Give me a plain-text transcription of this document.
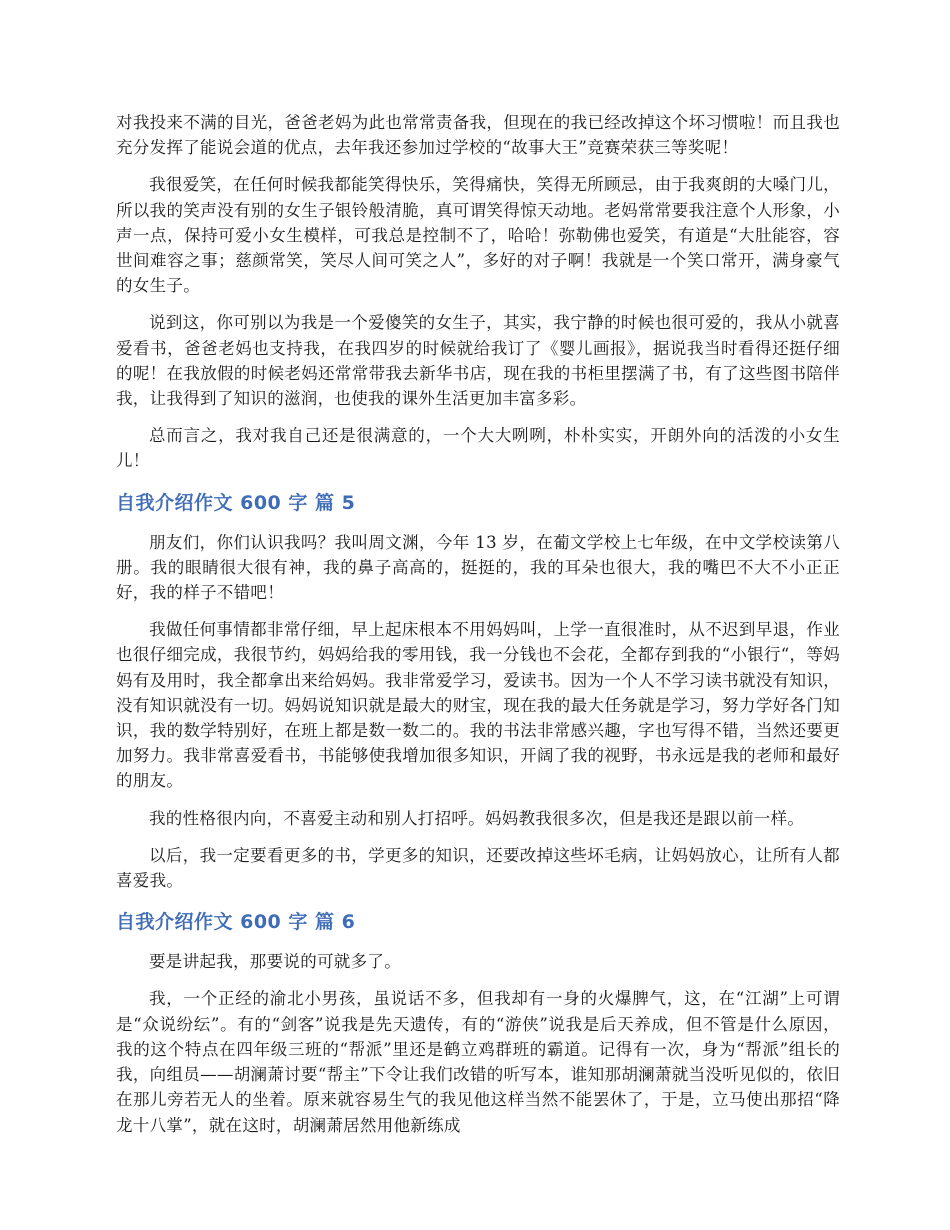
对我投来不满的目光，爸爸老妈为此也常常责备我，但现在的我已经改掉这个坏习惯啦！而且我也充分发挥了能说会道的优点，去年我还参加过学校的“故事大王”竞赛荣获三等奖呢！

我很爱笑，在任何时候我都能笑得快乐，笑得痛快，笑得无所顾忌，由于我爽朗的大嗓门儿，所以我的笑声没有别的女生子银铃般清脆，真可谓笑得惊天动地。老妈常常要我注意个人形象，小声一点，保持可爱小女生模样，可我总是控制不了，哈哈！弥勒佛也爱笑，有道是“大肚能容，容世间难容之事；慈颜常笑，笑尽人间可笑之人”，多好的对子啊！我就是一个笑口常开，满身豪气的女生子。

说到这，你可别以为我是一个爱傻笑的女生子，其实，我宁静的时候也很可爱的，我从小就喜爱看书，爸爸老妈也支持我，在我四岁的时候就给我订了《婴儿画报》，据说我当时看得还挺仔细的呢！在我放假的时候老妈还常常带我去新华书店，现在我的书柜里摆满了书，有了这些图书陪伴我，让我得到了知识的滋润，也使我的课外生活更加丰富多彩。

总而言之，我对我自己还是很满意的，一个大大咧咧，朴朴实实，开朗外向的活泼的小女生儿！

自我介绍作文 600 字 篇 5

朋友们，你们认识我吗？我叫周文渊，今年 13 岁，在葡文学校上七年级，在中文学校读第八册。我的眼睛很大很有神，我的鼻子高高的，挺挺的，我的耳朵也很大，我的嘴巴不大不小正正好，我的样子不错吧！

我做任何事情都非常仔细，早上起床根本不用妈妈叫，上学一直很准时，从不迟到早退，作业也很仔细完成，我很节约，妈妈给我的零用钱，我一分钱也不会花，全都存到我的“小银行“，等妈妈有及用时，我全都拿出来给妈妈。我非常爱学习，爱读书。因为一个人不学习读书就没有知识，没有知识就没有一切。妈妈说知识就是最大的财宝，现在我的最大任务就是学习，努力学好各门知识，我的数学特别好，在班上都是数一数二的。我的书法非常感兴趣，字也写得不错，当然还要更加努力。我非常喜爱看书，书能够使我增加很多知识，开阔了我的视野，书永远是我的老师和最好的朋友。

我的性格很内向，不喜爱主动和别人打招呼。妈妈教我很多次，但是我还是跟以前一样。

以后，我一定要看更多的书，学更多的知识，还要改掉这些坏毛病，让妈妈放心，让所有人都喜爱我。

自我介绍作文 600 字 篇 6

要是讲起我，那要说的可就多了。

我，一个正经的渝北小男孩，虽说话不多，但我却有一身的火爆脾气，这，在“江湖”上可谓是“众说纷纭”。有的“剑客”说我是先天遗传，有的“游侠”说我是后天养成，但不管是什么原因，我的这个特点在四年级三班的“帮派”里还是鹤立鸡群班的霸道。记得有一次，身为“帮派”组长的我，向组员——胡澜萧讨要“帮主”下令让我们改错的听写本，谁知那胡澜萧就当没听见似的，依旧在那儿旁若无人的坐着。原来就容易生气的我见他这样当然不能罢休了，于是，立马使出那招“降龙十八掌”，就在这时，胡澜萧居然用他新练成
